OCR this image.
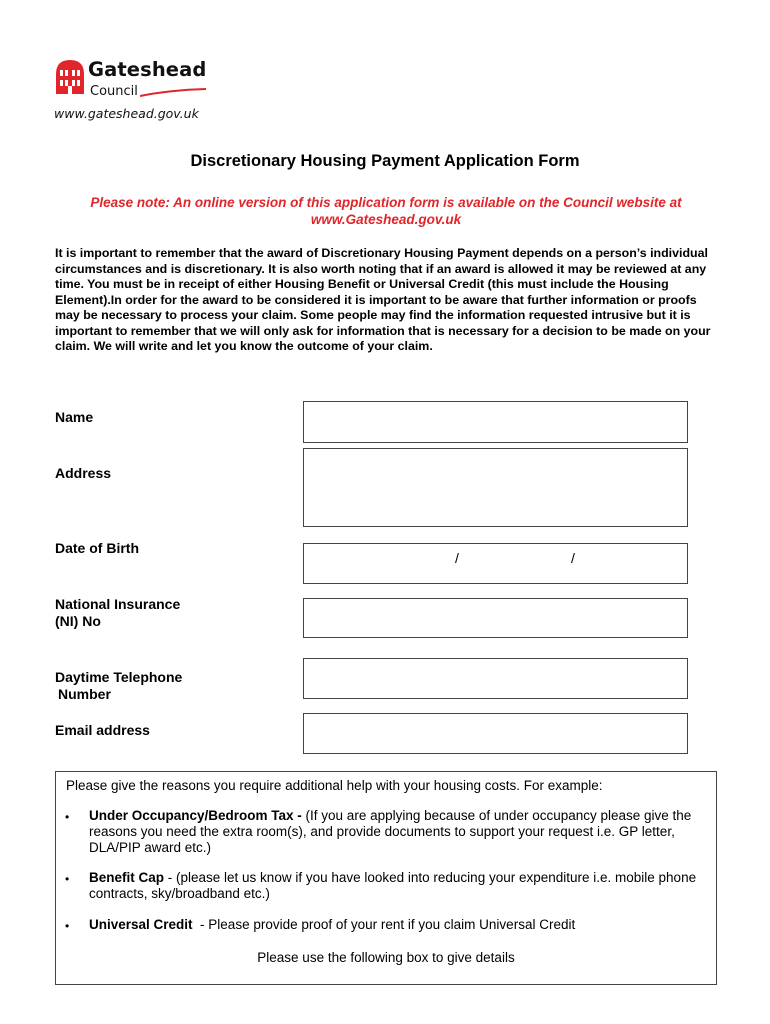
Gateshead
Council
www.gateshead.gov.uk
Discretionary Housing Payment Application Form
Please note: An online version of this application form is available on the Council website at www.Gateshead.gov.uk
It is important to remember that the award of Discretionary Housing Payment depends on a person’s individual circumstances and is discretionary. It is also worth noting that if an award is allowed it may be reviewed at any time. You must be in receipt of either Housing Benefit or Universal Credit (this must include the Housing Element).In order for the award to be considered it is important to be aware that further information or proofs may be necessary to process your claim. Some people may find the information requested intrusive but it is important to remember that we will only ask for information that is necessary for a decision to be made on your claim. We will write and let you know the outcome of your claim.
Name
Address
Date of Birth
/	/
National Insurance
(NI) No
Daytime Telephone
Number
Email address
Please give the reasons you require additional help with your housing costs. For example:
• Under Occupancy/Bedroom Tax - (If you are applying because of under occupancy please give the reasons you need the extra room(s), and provide documents to support your request i.e. GP letter, DLA/PIP award etc.)
• Benefit Cap - (please let us know if you have looked into reducing your expenditure i.e. mobile phone contracts, sky/broadband etc.)
• Universal Credit  - Please provide proof of your rent if you claim Universal Credit
Please use the following box to give details
